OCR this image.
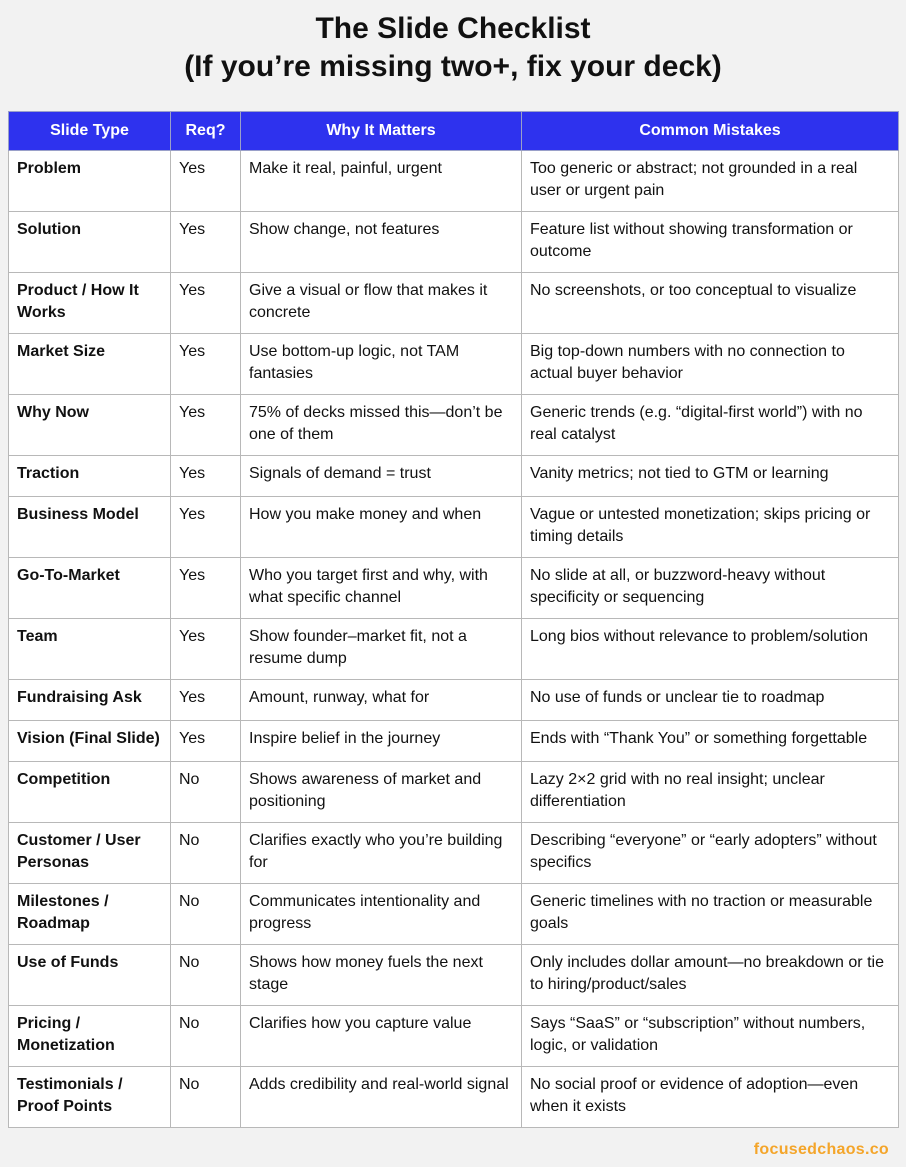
The Slide Checklist
(If you’re missing two+, fix your deck)
Slide Type	Req?	Why It Matters	Common Mistakes
Problem	Yes	Make it real, painful, urgent	Too generic or abstract; not grounded in a real user or urgent pain
Solution	Yes	Show change, not features	Feature list without showing transformation or outcome
Product / How It Works	Yes	Give a visual or flow that makes it concrete	No screenshots, or too conceptual to visualize
Market Size	Yes	Use bottom-up logic, not TAM fantasies	Big top-down numbers with no connection to actual buyer behavior
Why Now	Yes	75% of decks missed this—don’t be one of them	Generic trends (e.g. “digital-first world”) with no real catalyst
Traction	Yes	Signals of demand = trust	Vanity metrics; not tied to GTM or learning
Business Model	Yes	How you make money and when	Vague or untested monetization; skips pricing or timing details
Go-To-Market	Yes	Who you target first and why, with what specific channel	No slide at all, or buzzword-heavy without specificity or sequencing
Team	Yes	Show founder–market fit, not a resume dump	Long bios without relevance to problem/solution
Fundraising Ask	Yes	Amount, runway, what for	No use of funds or unclear tie to roadmap
Vision (Final Slide)	Yes	Inspire belief in the journey	Ends with “Thank You” or something forgettable
Competition	No	Shows awareness of market and positioning	Lazy 2×2 grid with no real insight; unclear differentiation
Customer / User Personas	No	Clarifies exactly who you’re building for	Describing “everyone” or “early adopters” without specifics
Milestones / Roadmap	No	Communicates intentionality and progress	Generic timelines with no traction or measurable goals
Use of Funds	No	Shows how money fuels the next stage	Only includes dollar amount—no breakdown or tie to hiring/product/sales
Pricing / Monetization	No	Clarifies how you capture value	Says “SaaS” or “subscription” without numbers, logic, or validation
Testimonials / Proof Points	No	Adds credibility and real-world signal	No social proof or evidence of adoption—even when it exists
focusedchaos.co
